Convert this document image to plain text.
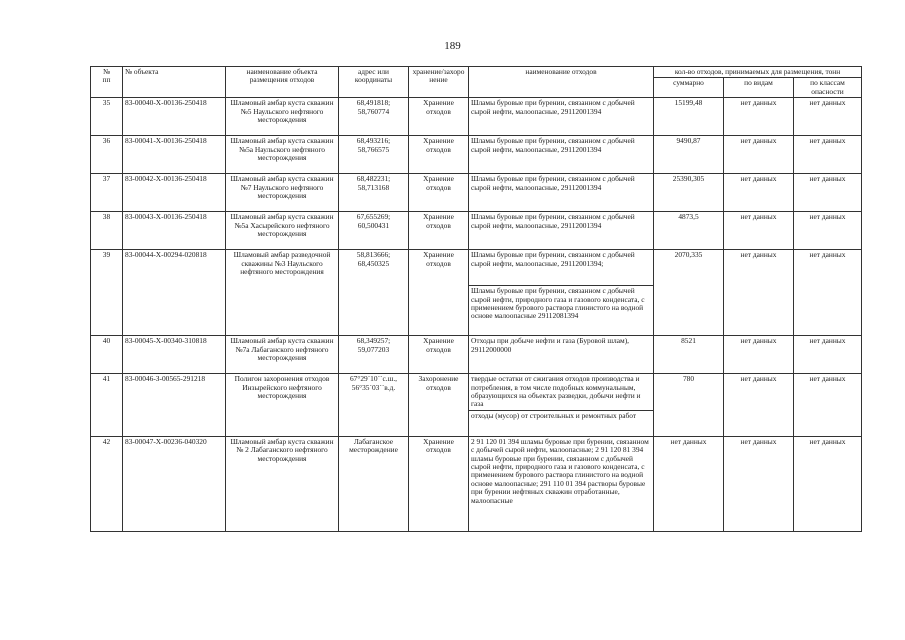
189
№
пп	№ объекта	наименование объекта размещения отходов	адрес или координаты	хранение/захоро нение	наименование отходов	кол-во отходов, принимаемых для размещения, тонн		
						суммарно	по видам	по классам опасности
35	83-00040-Х-00136-250418	Шламовый амбар куста скважин №5 Наульского нефтяного месторождения	68,491818; 58,760774	Хранение отходов	Шламы буровые при бурении, связанном с добычей сырой нефти, малоопасные, 29112001394	15199,48	нет данных	нет данных
36	83-00041-Х-00136-250418	Шламовый амбар куста скважин №5а Наульского нефтяного месторождения	68,493216; 58,766575	Хранение отходов	Шламы буровые при бурении, связанном с добычей сырой нефти, малоопасные, 29112001394	9490,87	нет данных	нет данных
37	83-00042-Х-00136-250418	Шламовый амбар куста скважин №7 Наульского нефтяного месторождения	68,482231; 58,713168	Хранение отходов	Шламы буровые при бурении, связанном с добычей сырой нефти, малоопасные, 29112001394	25390,305	нет данных	нет данных
38	83-00043-Х-00136-250418	Шламовый амбар куста скважин №5а Хасырейского нефтяного месторождения	67,655269; 60,500431	Хранение отходов	Шламы буровые при бурении, связанном с добычей сырой нефти, малоопасные, 29112001394	4873,5	нет данных	нет данных
39	83-00044-Х-00294-020818	Шламовый амбар разведочной скважины №3 Наульского нефтяного месторождения	58,813666; 68,450325	Хранение отходов	Шламы буровые при бурении, связанном с добычей сырой нефти, малоопасные, 29112001394;	2070,335	нет данных	нет данных
					Шламы буровые при бурении, связанном с добычей сырой нефти, природного газа и газового конденсата, с применением бурового раствора глинистого на водной основе малоопасные 29112081394			
40	83-00045-Х-00340-310818	Шламовый амбар куста скважин №7а Лабаганского нефтяного месторождения	68,349257; 59,077203	Хранение отходов	Отходы при добыче нефти и газа (Буровой шлам), 29112000000	8521	нет данных	нет данных
41	83-00046-З-00565-291218	Полигон захоронения отходов Инзырейского нефтяного месторождения	67°29´10´´с.ш., 56°35´03´´в.д.	Захоронение отходов	твердые остатки от сжигания отходов производства и потребления, в том числе подобных коммунальным, образующихся на объектах разведки, добычи нефти и газа	780	нет данных	нет данных
					отходы (мусор) от строительных и ремонтных работ			
42	83-00047-Х-00236-040320	Шламовый амбар куста скважин № 2 Лабаганского нефтяного месторождения	Лабаганское месторождение	Хранение отходов	2 91 120 01 394 шламы буровые при бурении, связанном с добычей сырой нефти, малоопасные; 2 91 120 81 394 шламы буровые при бурении, связанном с добычей сырой нефти, природного газа и газового конденсата, с применением бурового раствора глинистого на водной основе малоопасные; 291 110 01 394 растворы буровые при бурении нефтяных скважин отработанные, малоопасные	нет данных	нет данных	нет данных
